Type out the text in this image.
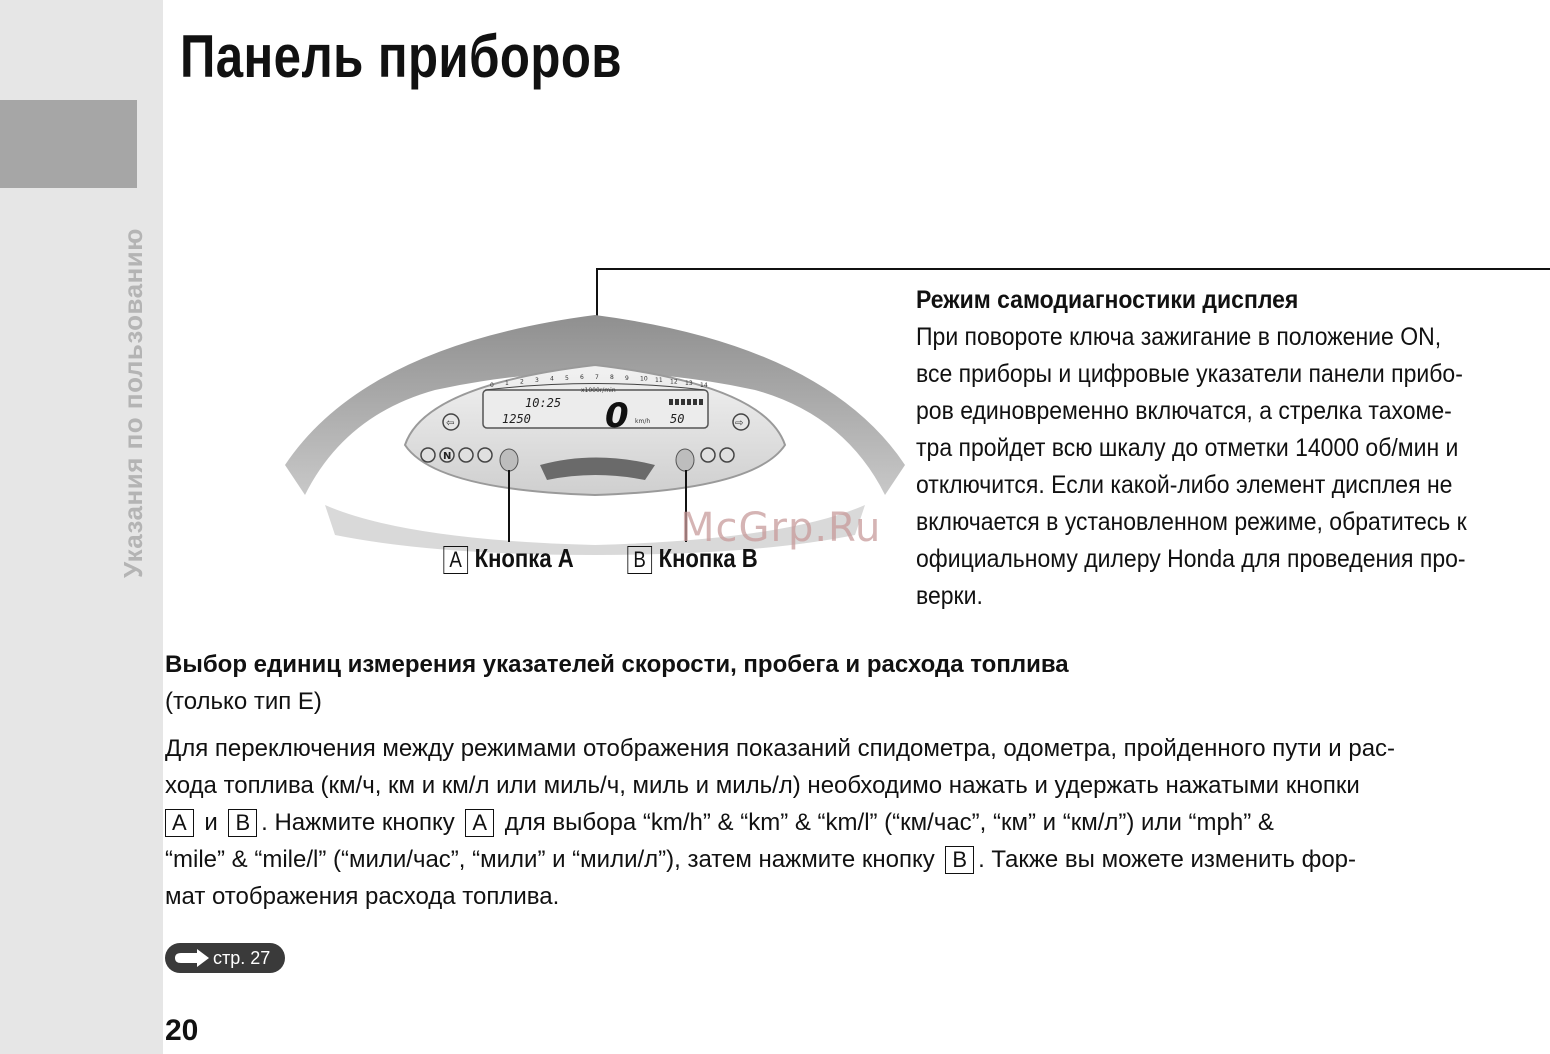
Указания по пользованию
Панель приборов
0 1 2 3 4 5 6 7 8 9 10 11 12 13 14
x1000r/min
10:25
1250 0 km/h 50
⇦	⇨
N
A Кнопка A	B Кнопка B
McGrp.Ru
Режим самодиагностики дисплея

При повороте ключа зажигание в положение ON,

все приборы и цифровые указатели панели прибо-

ров единовременно включатся, а стрелка тахоме-

тра пройдет всю шкалу до отметки 14000 об/мин и

отключится. Если какой-либо элемент дисплея не

включается в установленном режиме, обратитесь к

официальному дилеру Honda для проведения про-

верки.

Выбор единиц измерения указателей скорости, пробега и расхода топлива

(только тип E)

Для переключения между режимами отображения показаний спидометра, одометра, пройденного пути и рас-

хода топлива (км/ч, км и км/л или миль/ч, миль и миль/л) необходимо нажать и удержать нажатыми кнопки

A и B . Нажмите кнопку A для выбора “km/h” & “km” & “km/l” (“км/час”, “км” и “км/л”) или “mph” &

“mile” & “mile/l” (“мили/час”, “мили” и “мили/л”), затем нажмите кнопку B . Также вы можете изменить фор-

мат отображения расхода топлива.

стр. 27
20
